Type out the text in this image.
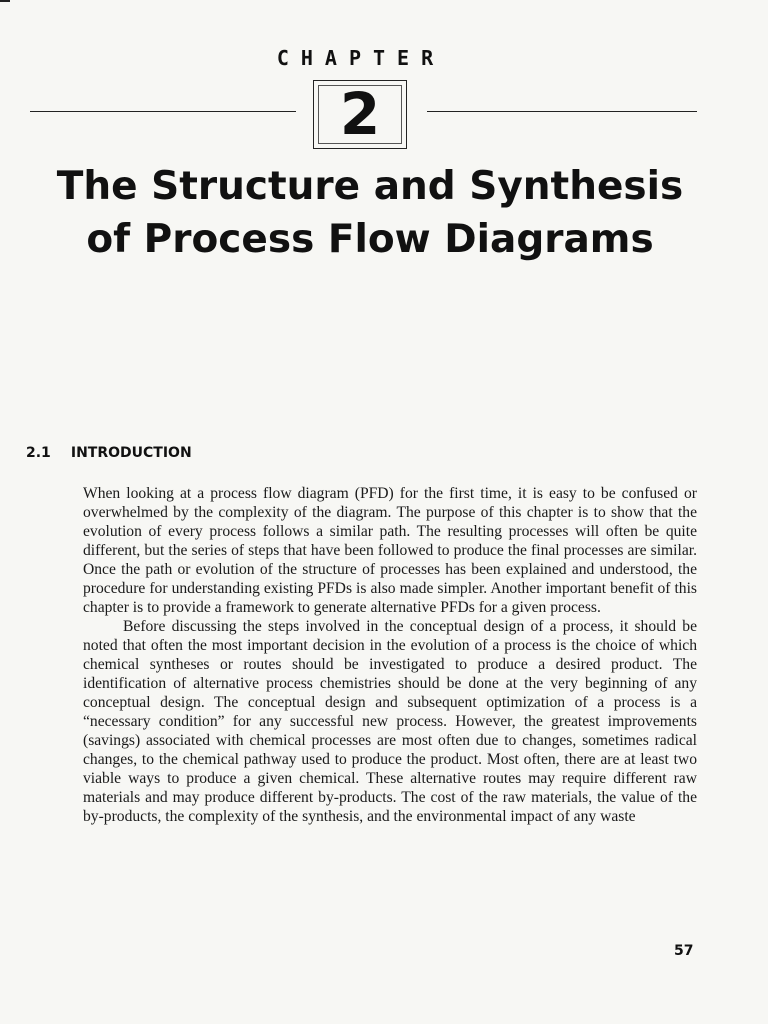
CHAPTER
2
The Structure and Synthesis
of Process Flow Diagrams
2.1 INTRODUCTION

When looking at a process flow diagram (PFD) for the first time, it is easy to be confused or overwhelmed by the complexity of the diagram. The purpose of this chapter is to show that the evolution of every process follows a similar path. The resulting processes will often be quite different, but the series of steps that have been followed to produce the final processes are similar. Once the path or evolution of the structure of processes has been explained and understood, the procedure for understanding existing PFDs is also made simpler. Another important benefit of this chapter is to provide a framework to generate alternative PFDs for a given process.

Before discussing the steps involved in the conceptual design of a process, it should be noted that often the most important decision in the evolution of a process is the choice of which chemical syntheses or routes should be investigated to produce a desired product. The identification of alternative process chemistries should be done at the very beginning of any conceptual design. The conceptual design and subsequent optimization of a process is a “necessary condition” for any successful new process. However, the greatest improvements (savings) associated with chemical processes are most often due to changes, sometimes radical changes, to the chemical pathway used to produce the product. Most often, there are at least two viable ways to produce a given chemical. These alternative routes may require different raw materials and may produce different by-products. The cost of the raw materials, the value of the by-products, the complexity of the synthesis, and the environmental impact of any waste

57
